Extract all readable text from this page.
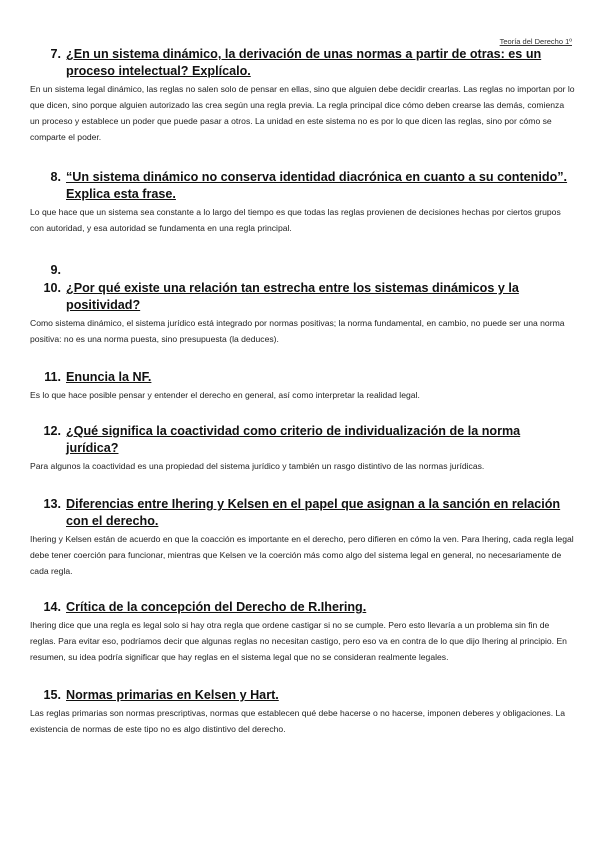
Teoría del Derecho 1º
7. ¿En un sistema dinámico, la derivación de unas normas a partir de otras: es un proceso intelectual? Explícalo.
En un sistema legal dinámico, las reglas no salen solo de pensar en ellas, sino que alguien debe decidir crearlas. Las reglas no importan por lo que dicen, sino porque alguien autorizado las crea según una regla previa. La regla principal dice cómo deben crearse las demás, comienza un proceso y establece un poder que puede pasar a otros. La unidad en este sistema no es por lo que dicen las reglas, sino por cómo se comparte el poder.
8. “Un sistema dinámico no conserva identidad diacrónica en cuanto a su contenido”. Explica esta frase.
Lo que hace que un sistema sea constante a lo largo del tiempo es que todas las reglas provienen de decisiones hechas por ciertos grupos con autoridad, y esa autoridad se fundamenta en una regla principal.
9.
10. ¿Por qué existe una relación tan estrecha entre los sistemas dinámicos y la positividad?
Como sistema dinámico, el sistema jurídico está integrado por normas positivas; la norma fundamental, en cambio, no puede ser una norma positiva: no es una norma puesta, sino presupuesta (la deduces).
11. Enuncia la NF.
Es lo que hace posible pensar y entender el derecho en general, así como interpretar la realidad legal.
12. ¿Qué significa la coactividad como criterio de individualización de la norma jurídica?
Para algunos la coactividad es una propiedad del sistema jurídico y también un rasgo distintivo de las normas jurídicas.
13. Diferencias entre Ihering y Kelsen en el papel que asignan a la sanción en relación con el derecho.
Ihering y Kelsen están de acuerdo en que la coacción es importante en el derecho, pero difieren en cómo la ven. Para Ihering, cada regla legal debe tener coerción para funcionar, mientras que Kelsen ve la coerción más como algo del sistema legal en general, no necesariamente de cada regla.
14. Crítica de la concepción del Derecho de R.Ihering.
Ihering dice que una regla es legal solo si hay otra regla que ordene castigar si no se cumple. Pero esto llevaría a un problema sin fin de reglas. Para evitar eso, podríamos decir que algunas reglas no necesitan castigo, pero eso va en contra de lo que dijo Ihering al principio. En resumen, su idea podría significar que hay reglas en el sistema legal que no se consideran realmente legales.
15. Normas primarias en Kelsen y Hart.
Las reglas primarias son normas prescriptivas, normas que establecen qué debe hacerse o no hacerse, imponen deberes y obligaciones. La existencia de normas de este tipo no es algo distintivo del derecho.
